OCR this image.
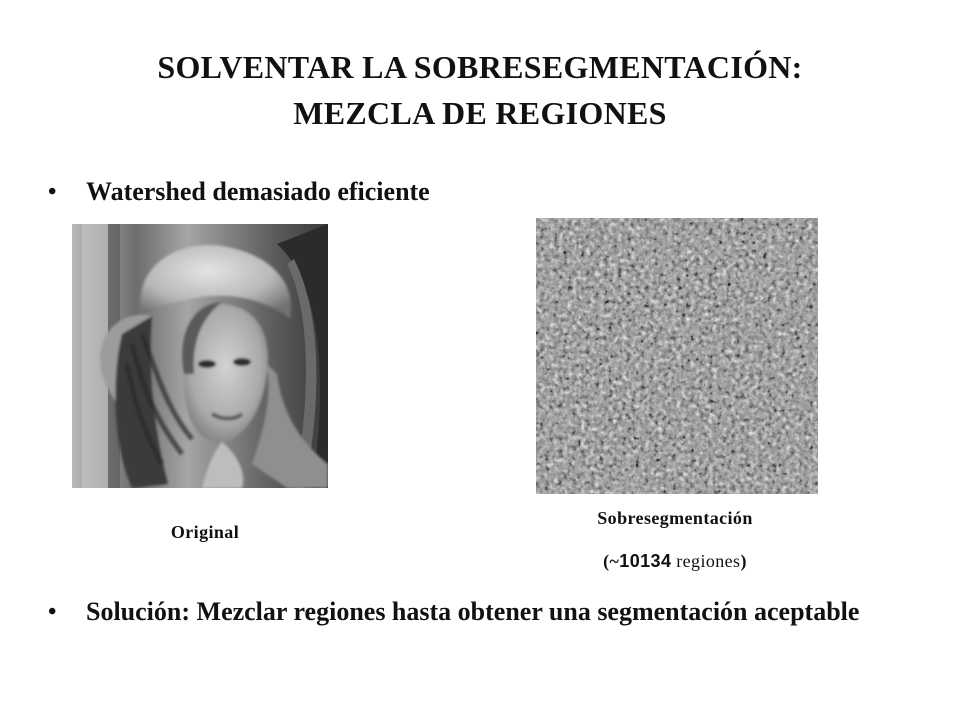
SOLVENTAR LA SOBRESEGMENTACIÓN:
MEZCLA DE REGIONES
•	Watershed demasiado eficiente
Original
Sobresegmentación
(~10134 regiones)
•	Solución: Mezclar regiones hasta obtener una segmentación aceptable
